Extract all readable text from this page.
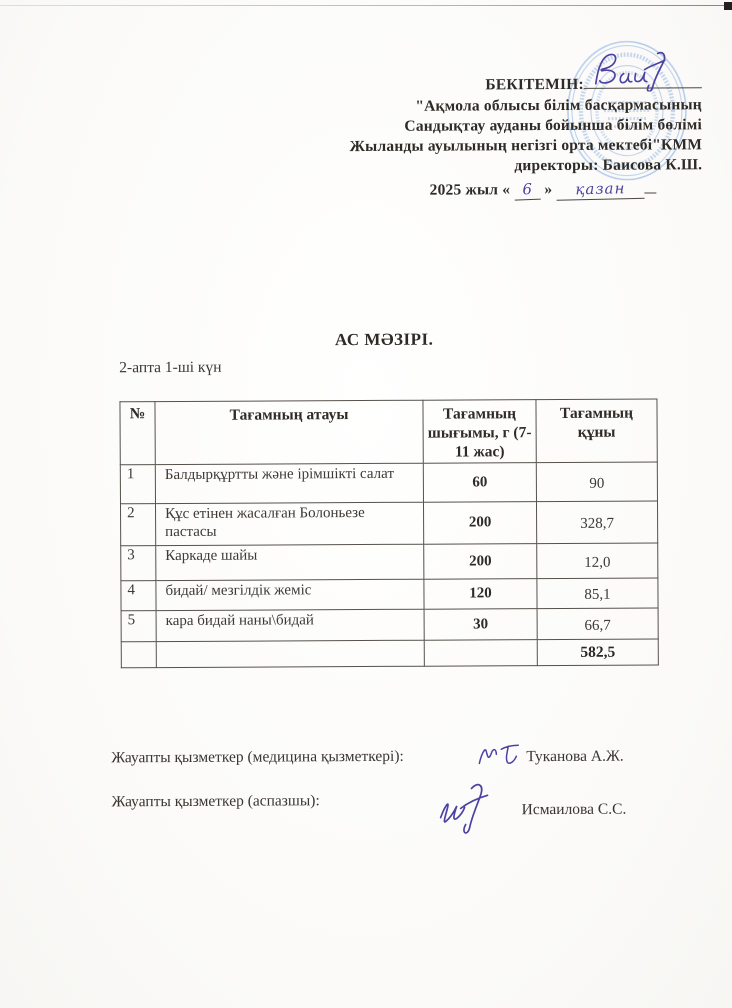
БЕКІТЕМІН:
"Ақмола облысы білім басқармасының
Сандықтау ауданы бойынша білім бөлімі
Жыланды ауылының негізгі орта мектебі"КММ
директоры: Баисова К.Ш.
2025 жыл « 6 » қазан
АС МӘЗІРІ.
2-апта 1-ші күн
№	Тағамның атауы	Тағамның шығымы, г (7-11 жас)	Тағамның құны
1	Балдырқұртты және ірімшікті салат	60	90
2	Құс етінен жасалған Болоньезе пастасы	200	328,7
3	Каркаде шайы	200	12,0
4	бидай/ мезгілдік жеміс	120	85,1
5	кара бидай наны\бидай	30	66,7
			582,5
Жауапты қызметкер (медицина қызметкері):	Туканова А.Ж.
Жауапты қызметкер (аспазшы):	Исмаилова С.С.
